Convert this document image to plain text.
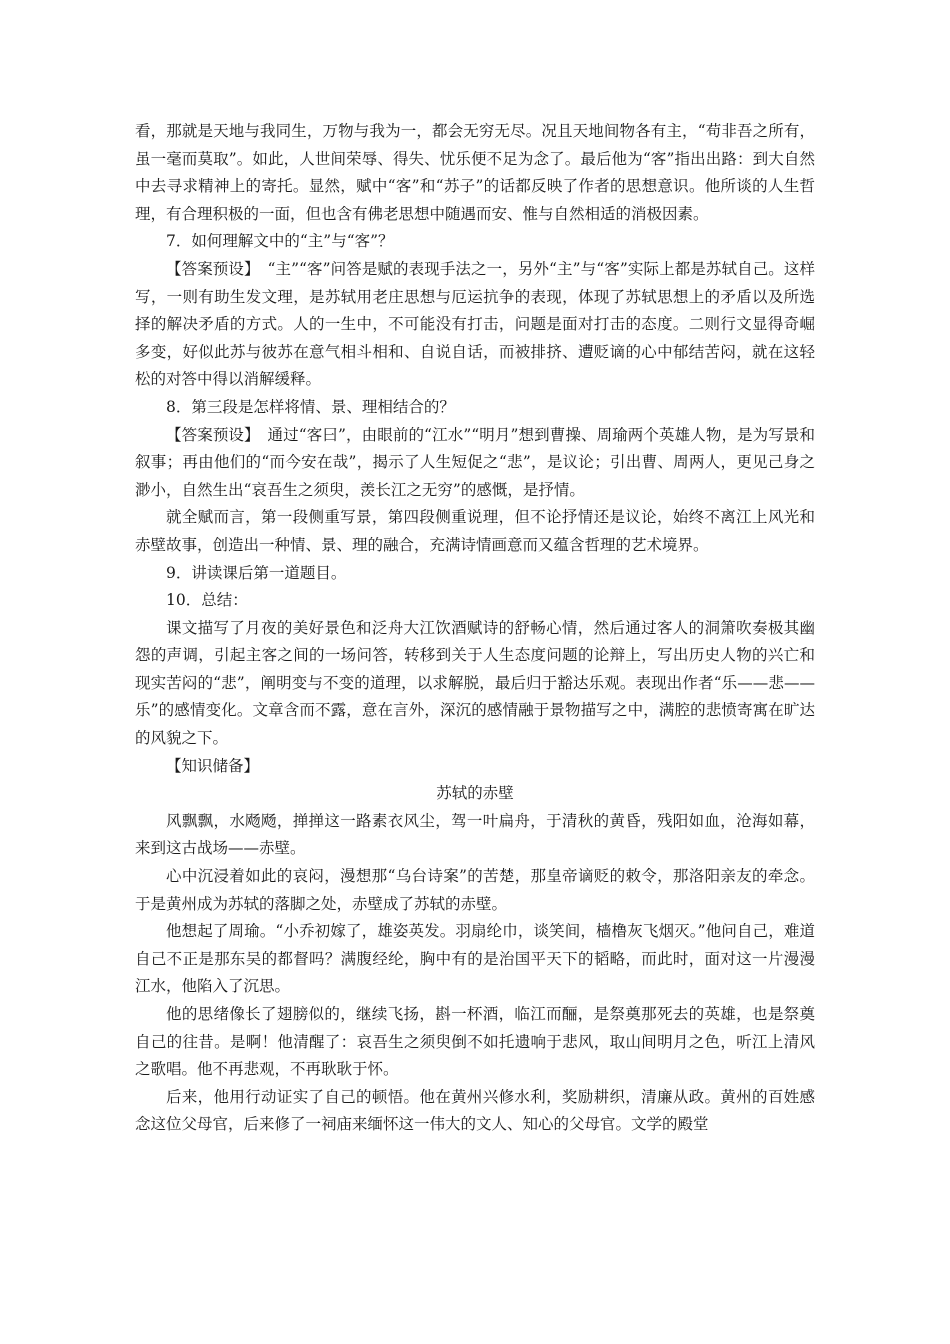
看，那就是天地与我同生，万物与我为一，都会无穷无尽。况且天地间物各有主，“苟非吾之所有，虽一毫而莫取”。如此，人世间荣辱、得失、忧乐便不足为念了。最后他为“客”指出出路：到大自然中去寻求精神上的寄托。显然，赋中“客”和“苏子”的话都反映了作者的思想意识。他所谈的人生哲理，有合理积极的一面，但也含有佛老思想中随遇而安、惟与自然相适的消极因素。

7．如何理解文中的“主”与“客”？

【答案预设】　“主”“客”问答是赋的表现手法之一，另外“主”与“客”实际上都是苏轼自己。这样写，一则有助生发文理，是苏轼用老庄思想与厄运抗争的表现，体现了苏轼思想上的矛盾以及所选择的解决矛盾的方式。人的一生中，不可能没有打击，问题是面对打击的态度。二则行文显得奇崛多变，好似此苏与彼苏在意气相斗相和、自说自话，而被排挤、遭贬谪的心中郁结苦闷，就在这轻松的对答中得以消解缓释。

8．第三段是怎样将情、景、理相结合的？

【答案预设】　通过“客曰”，由眼前的“江水”“明月”想到曹操、周瑜两个英雄人物，是为写景和叙事；再由他们的“而今安在哉”，揭示了人生短促之“悲”，是议论；引出曹、周两人，更见己身之渺小，自然生出“哀吾生之须臾，羡长江之无穷”的感慨，是抒情。

就全赋而言，第一段侧重写景，第四段侧重说理，但不论抒情还是议论，始终不离江上风光和赤壁故事，创造出一种情、景、理的融合，充满诗情画意而又蕴含哲理的艺术境界。

9．讲读课后第一道题目。

10．总结：

课文描写了月夜的美好景色和泛舟大江饮酒赋诗的舒畅心情，然后通过客人的洞箫吹奏极其幽怨的声调，引起主客之间的一场问答，转移到关于人生态度问题的论辩上，写出历史人物的兴亡和现实苦闷的“悲”，阐明变与不变的道理，以求解脱，最后归于豁达乐观。表现出作者“乐——悲——乐”的感情变化。文章含而不露，意在言外，深沉的感情融于景物描写之中，满腔的悲愤寄寓在旷达的风貌之下。

【知识储备】

苏轼的赤壁

风飘飘，水飏飏，掸掸这一路素衣风尘，驾一叶扁舟，于清秋的黄昏，残阳如血，沧海如幕，来到这古战场——赤壁。

心中沉浸着如此的哀闷，漫想那“乌台诗案”的苦楚，那皇帝谪贬的敕令，那洛阳亲友的牵念。于是黄州成为苏轼的落脚之处，赤壁成了苏轼的赤壁。

他想起了周瑜。“小乔初嫁了，雄姿英发。羽扇纶巾，谈笑间，樯橹灰飞烟灭。”他问自己，难道自己不正是那东吴的都督吗？满腹经纶，胸中有的是治国平天下的韬略，而此时，面对这一片漫漫江水，他陷入了沉思。

他的思绪像长了翅膀似的，继续飞扬，斟一杯酒，临江而酾，是祭奠那死去的英雄，也是祭奠自己的往昔。是啊！他清醒了：哀吾生之须臾倒不如托遗响于悲风，取山间明月之色，听江上清风之歌唱。他不再悲观，不再耿耿于怀。

后来，他用行动证实了自己的顿悟。他在黄州兴修水利，奖励耕织，清廉从政。黄州的百姓感念这位父母官，后来修了一祠庙来缅怀这一伟大的文人、知心的父母官。文学的殿堂
